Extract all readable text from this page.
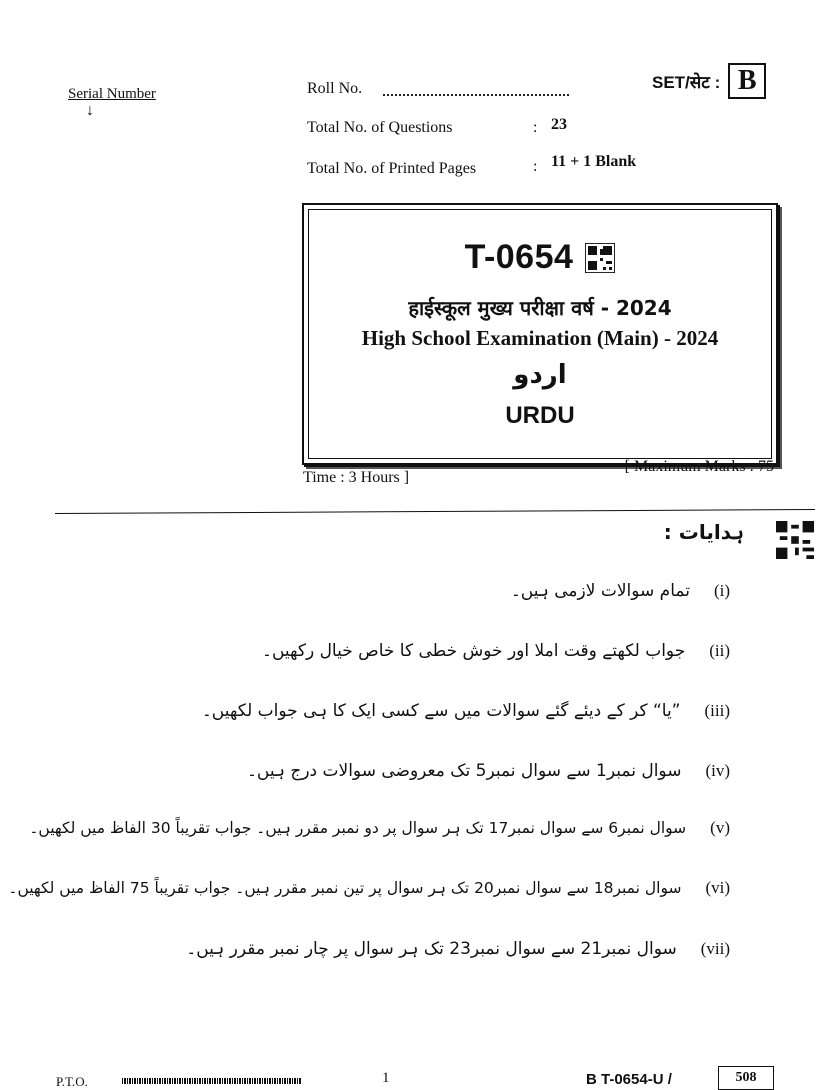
Serial Number
↓
Roll No.
Total No. of Questions	: 23
Total No. of Printed Pages	: 11 + 1 Blank
SET/सेट : B
T-0654
हाईस्कूल मुख्य परीक्षा वर्ष - 2024
High School Examination (Main) - 2024
اردو
URDU
Time : 3 Hours ]
[ Maximum Marks : 75
ہدایات :
(i)
تمام سوالات لازمی ہیں۔
(ii)
جواب لکھتے وقت املا اور خوش خطی کا خاص خیال رکھیں۔
(iii)
”یا“ کر کے دیئے گئے سوالات میں سے کسی ایک کا ہی جواب لکھیں۔
(iv)
سوال نمبر1 سے سوال نمبر5 تک معروضی سوالات درج ہیں۔
(v)
سوال نمبر6 سے سوال نمبر17 تک ہر سوال پر دو نمبر مقرر ہیں۔ جواب تقریباً 30 الفاظ میں لکھیں۔
(vi)
سوال نمبر18 سے سوال نمبر20 تک ہر سوال پر تین نمبر مقرر ہیں۔ جواب تقریباً 75 الفاظ میں لکھیں۔
(vii)
سوال نمبر21 سے سوال نمبر23 تک ہر سوال پر چار نمبر مقرر ہیں۔
P.T.O.	1	B T-0654-U /	508
